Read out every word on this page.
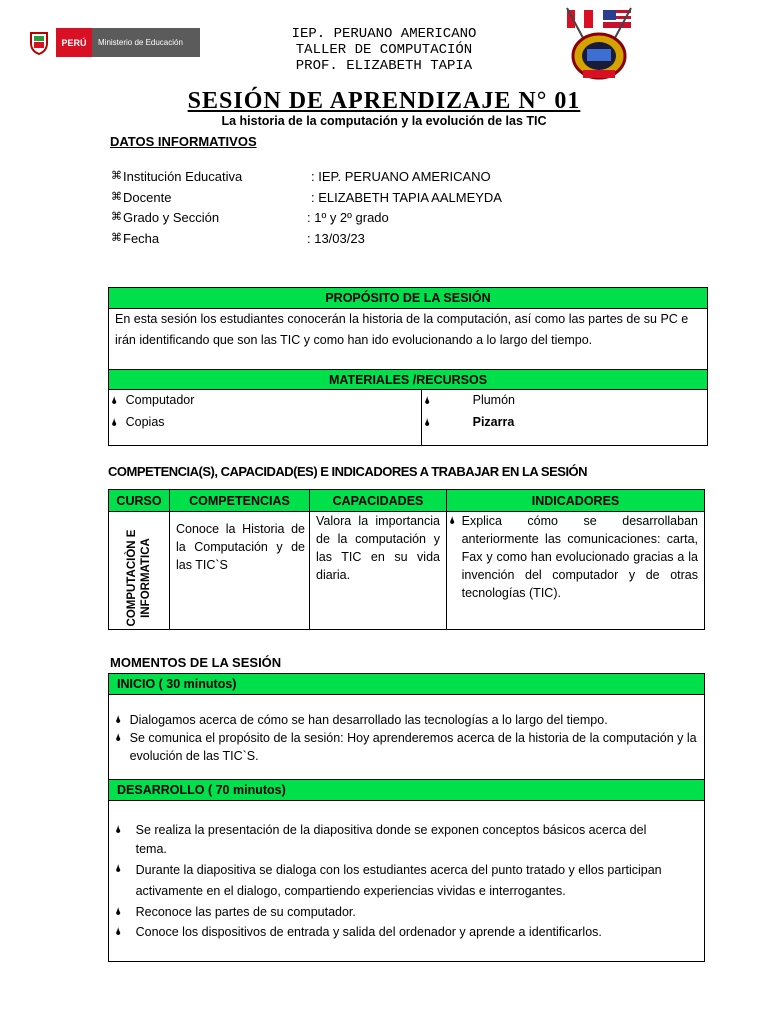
PERÚ	Ministerio de Educación
IEP. PERUANO AMERICANO
TALLER DE COMPUTACIÓN
PROF. ELIZABETH TAPIA
SESIÓN DE APRENDIZAJE N° 01
La historia de la computación y la evolución de las TIC
DATOS INFORMATIVOS
⌘ Institución Educativa	: IEP. PERUANO AMERICANO
⌘ Docente	: ELIZABETH TAPIA AALMEYDA
⌘ Grado y Sección	: 1º y 2º grado
⌘ Fecha	: 13/03/23
PROPÓSITO DE LA SESIÓN
En esta sesión los estudiantes conocerán la historia de la computación, así como las partes de su PC e irán identificando que son las TIC y como han ido evolucionando a lo largo del tiempo.
MATERIALES /RECURSOS

🌢 Computador
🌢 Copias

🌢	Plumón
🌢	Pizarra
COMPETENCIA(S), CAPACIDAD(ES) E INDICADORES A TRABAJAR EN LA SESIÓN
CURSO	COMPETENCIAS	CAPACIDADES	INDICADORES

COMPUTACIÒN E INFORMATICA	Conoce la Historia de la Computación y de las TIC`S	Valora la importancia de la computación y las TIC en su vida diaria.	🌢 Explica cómo se desarrollaban anteriormente las comunicaciones: carta, Fax y como han evolucionado gracias a la invención del computador y de otras tecnologías (TIC).
MOMENTOS DE LA SESIÓN
INICIO ( 30 minutos)

🌢 Dialogamos acerca de cómo se han desarrollado las tecnologías a lo largo del tiempo.
🌢 Se comunica el propósito de la sesión: Hoy aprenderemos acerca de la historia de la computación y la evolución de las TIC`S.

DESARROLLO ( 70 minutos)

🌢 Se realiza la presentación de la diapositiva donde se exponen conceptos básicos acerca del tema.
🌢 Durante la diapositiva se dialoga con los estudiantes acerca del punto tratado y ellos participan activamente en el dialogo, compartiendo experiencias vividas e interrogantes.
🌢 Reconoce las partes de su computador.
🌢 Conoce los dispositivos de entrada y salida del ordenador y aprende a identificarlos.
